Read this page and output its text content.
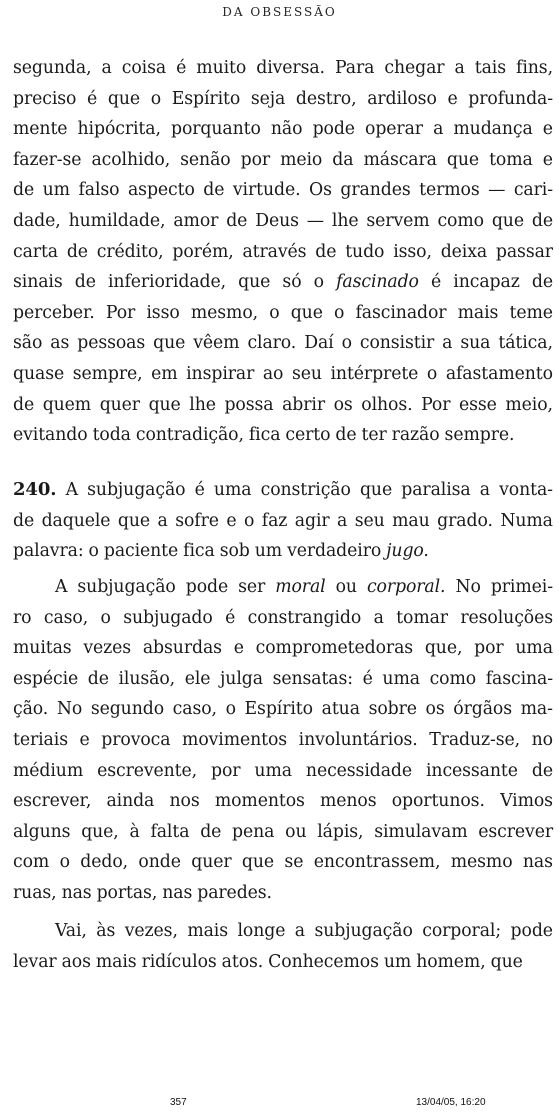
DA OBSESSÃO
segunda, a coisa é muito diversa. Para chegar a tais fins,
preciso é que o Espírito seja destro, ardiloso e profunda-
mente hipócrita, porquanto não pode operar a mudança e
fazer-se acolhido, senão por meio da máscara que toma e
de um falso aspecto de virtude. Os grandes termos — cari-
dade, humildade, amor de Deus — lhe servem como que de
carta de crédito, porém, através de tudo isso, deixa passar
sinais de inferioridade, que só o fascinado é incapaz de
perceber. Por isso mesmo, o que o fascinador mais teme
são as pessoas que vêem claro. Daí o consistir a sua tática,
quase sempre, em inspirar ao seu intérprete o afastamento
de quem quer que lhe possa abrir os olhos. Por esse meio,
evitando toda contradição, fica certo de ter razão sempre.
240. A subjugação é uma constrição que paralisa a vonta-
de daquele que a sofre e o faz agir a seu mau grado. Numa
palavra: o paciente fica sob um verdadeiro jugo.
A subjugação pode ser moral ou corporal. No primei-
ro caso, o subjugado é constrangido a tomar resoluções
muitas vezes absurdas e comprometedoras que, por uma
espécie de ilusão, ele julga sensatas: é uma como fascina-
ção. No segundo caso, o Espírito atua sobre os órgãos ma-
teriais e provoca movimentos involuntários. Traduz-se, no
médium escrevente, por uma necessidade incessante de
escrever, ainda nos momentos menos oportunos. Vimos
alguns que, à falta de pena ou lápis, simulavam escrever
com o dedo, onde quer que se encontrassem, mesmo nas
ruas, nas portas, nas paredes.
Vai, às vezes, mais longe a subjugação corporal; pode
levar aos mais ridículos atos. Conhecemos um homem, que
357	13/04/05, 16:20
